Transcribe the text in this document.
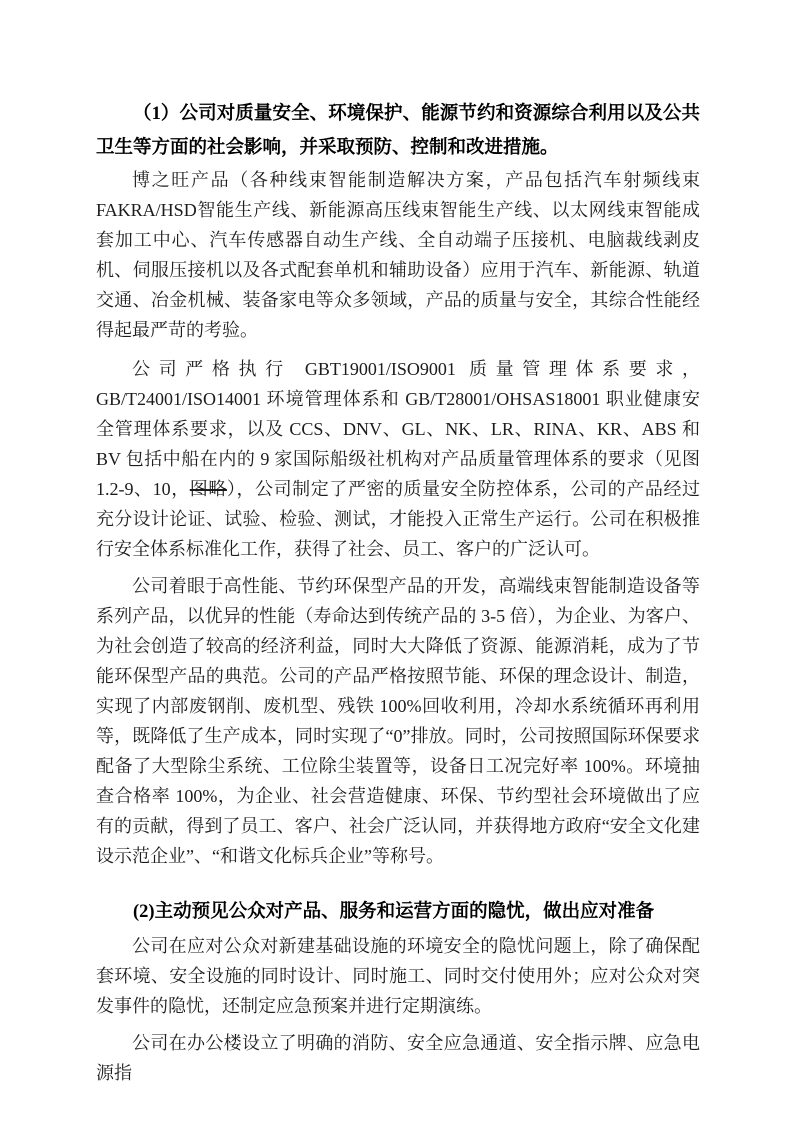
（1）公司对质量安全、环境保护、能源节约和资源综合利用以及公共卫生等方面的社会影响，并采取预防、控制和改进措施。

博之旺产品（各种线束智能制造解决方案，产品包括汽车射频线束 FAKRA/HSD智能生产线、新能源高压线束智能生产线、以太网线束智能成套加工中心、汽车传感器自动生产线、全自动端子压接机、电脑裁线剥皮机、伺服压接机以及各式配套单机和辅助设备）应用于汽车、新能源、轨道交通、冶金机械、装备家电等众多领域，产品的质量与安全，其综合性能经得起最严苛的考验。

公司严格执行 GBT19001/ISO9001 质量管理体系要求，GB/T24001/ISO14001 环境管理体系和 GB/T28001/OHSAS18001 职业健康安全管理体系要求，以及 CCS、DNV、GL、NK、LR、RINA、KR、ABS 和 BV 包括中船在内的 9 家国际船级社机构对产品质量管理体系的要求（见图 1.2-9、10，图略），公司制定了严密的质量安全防控体系，公司的产品经过充分设计论证、试验、检验、测试，才能投入正常生产运行。公司在积极推行安全体系标准化工作，获得了社会、员工、客户的广泛认可。

公司着眼于高性能、节约环保型产品的开发，高端线束智能制造设备等系列产品，以优异的性能（寿命达到传统产品的 3-5 倍），为企业、为客户、为社会创造了较高的经济利益，同时大大降低了资源、能源消耗，成为了节能环保型产品的典范。公司的产品严格按照节能、环保的理念设计、制造，实现了内部废钢削、废机型、残铁 100%回收利用，冷却水系统循环再利用等，既降低了生产成本，同时实现了“0”排放。同时，公司按照国际环保要求配备了大型除尘系统、工位除尘装置等，设备日工况完好率 100%。环境抽查合格率 100%，为企业、社会营造健康、环保、节约型社会环境做出了应有的贡献，得到了员工、客户、社会广泛认同，并获得地方政府“安全文化建设示范企业”、“和谐文化标兵企业”等称号。

(2)主动预见公众对产品、服务和运营方面的隐忧，做出应对准备

公司在应对公众对新建基础设施的环境安全的隐忧问题上，除了确保配套环境、安全设施的同时设计、同时施工、同时交付使用外；应对公众对突发事件的隐忧，还制定应急预案并进行定期演练。

公司在办公楼设立了明确的消防、安全应急通道、安全指示牌、应急电源指
